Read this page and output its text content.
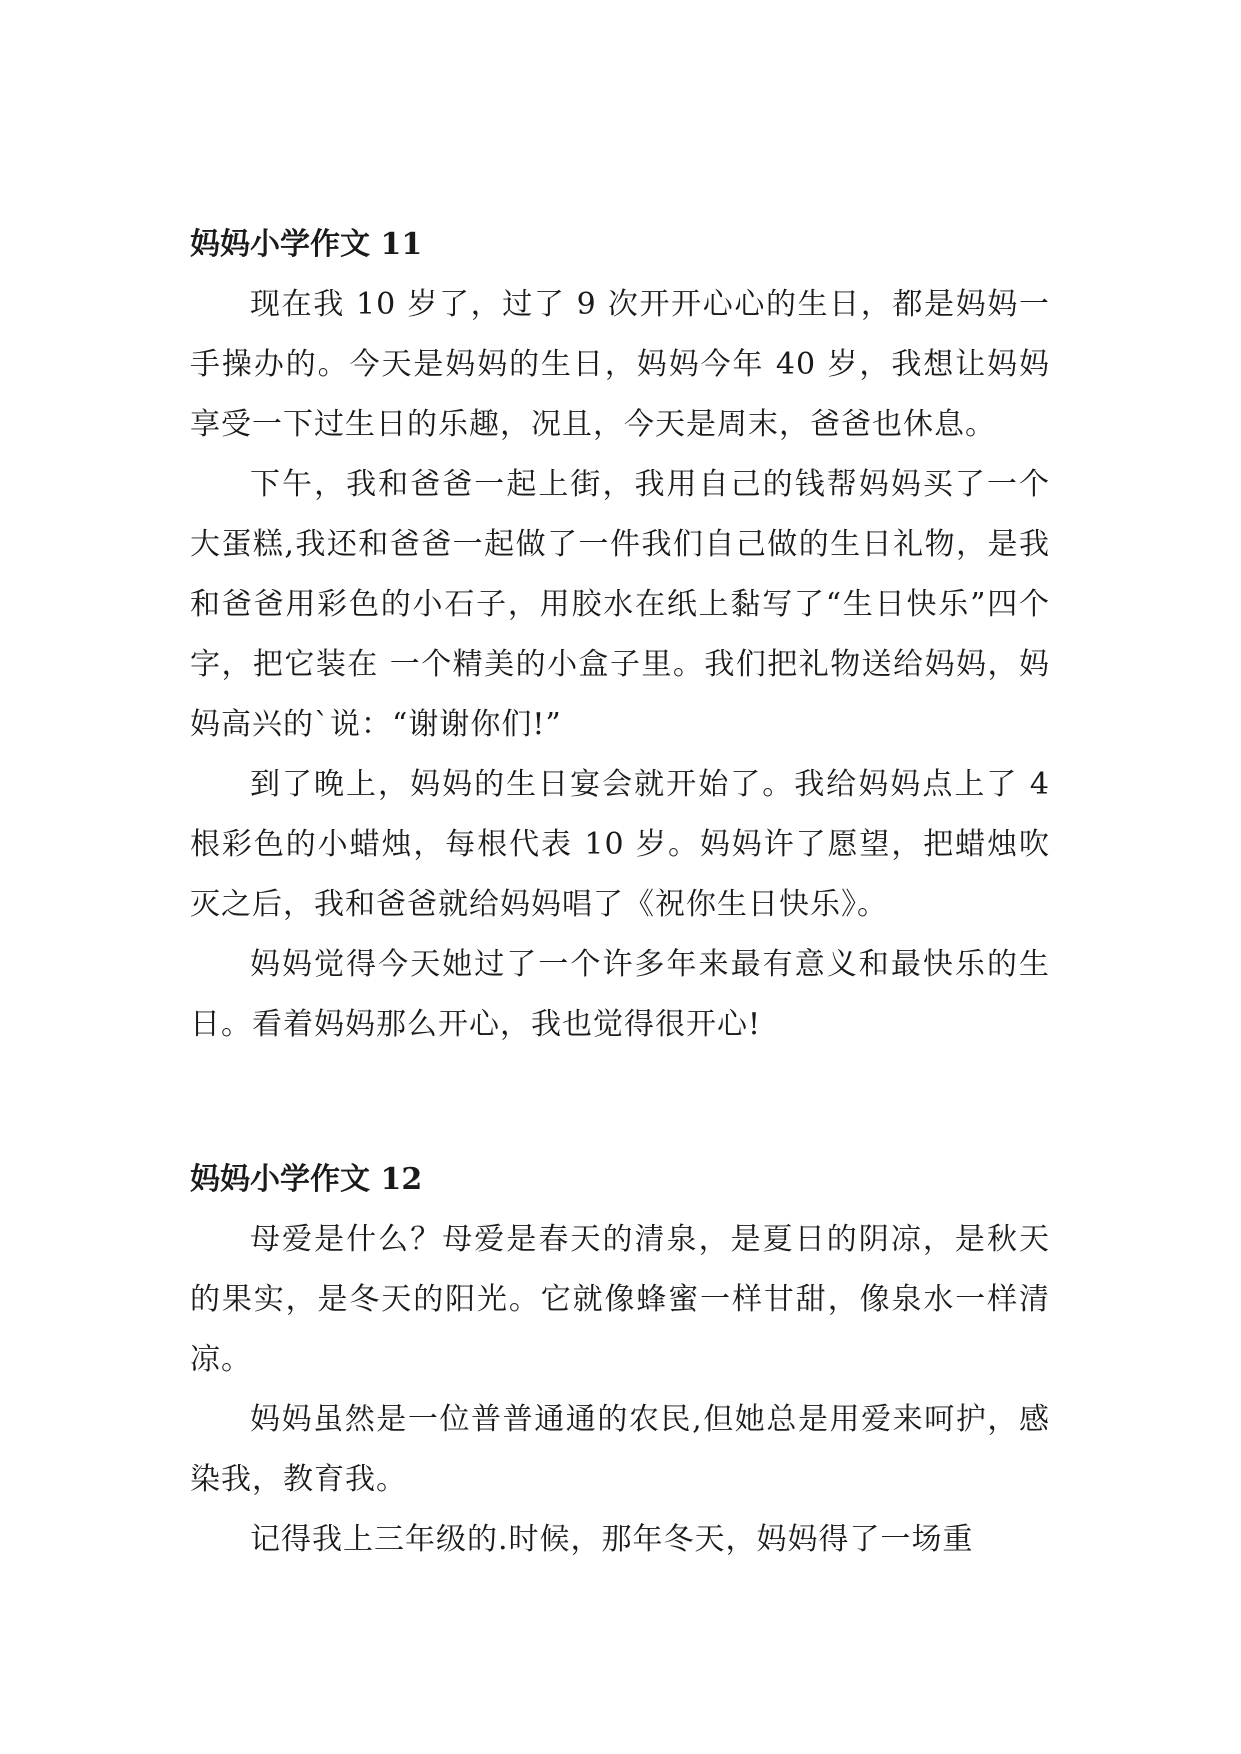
妈妈小学作文 11

现在我 10 岁了，过了 9 次开开心心的生日，都是妈妈一手操办的。今天是妈妈的生日，妈妈今年 40 岁，我想让妈妈享受一下过生日的乐趣，况且，今天是周末，爸爸也休息。

下午，我和爸爸一起上街，我用自己的钱帮妈妈买了一个大蛋糕,我还和爸爸一起做了一件我们自己做的生日礼物，是我和爸爸用彩色的小石子，用胶水在纸上黏写了“生日快乐”四个字，把它装在 一个精美的小盒子里。我们把礼物送给妈妈，妈妈高兴的`说：“谢谢你们!”

到了晚上，妈妈的生日宴会就开始了。我给妈妈点上了 4 根彩色的小蜡烛，每根代表 10 岁。妈妈许了愿望，把蜡烛吹灭之后，我和爸爸就给妈妈唱了《祝你生日快乐》。

妈妈觉得今天她过了一个许多年来最有意义和最快乐的生日。看着妈妈那么开心，我也觉得很开心!

妈妈小学作文 12

母爱是什么？母爱是春天的清泉，是夏日的阴凉，是秋天的果实，是冬天的阳光。它就像蜂蜜一样甘甜，像泉水一样清凉。

妈妈虽然是一位普普通通的农民,但她总是用爱来呵护，感染我，教育我。

记得我上三年级的.时候，那年冬天，妈妈得了一场重
